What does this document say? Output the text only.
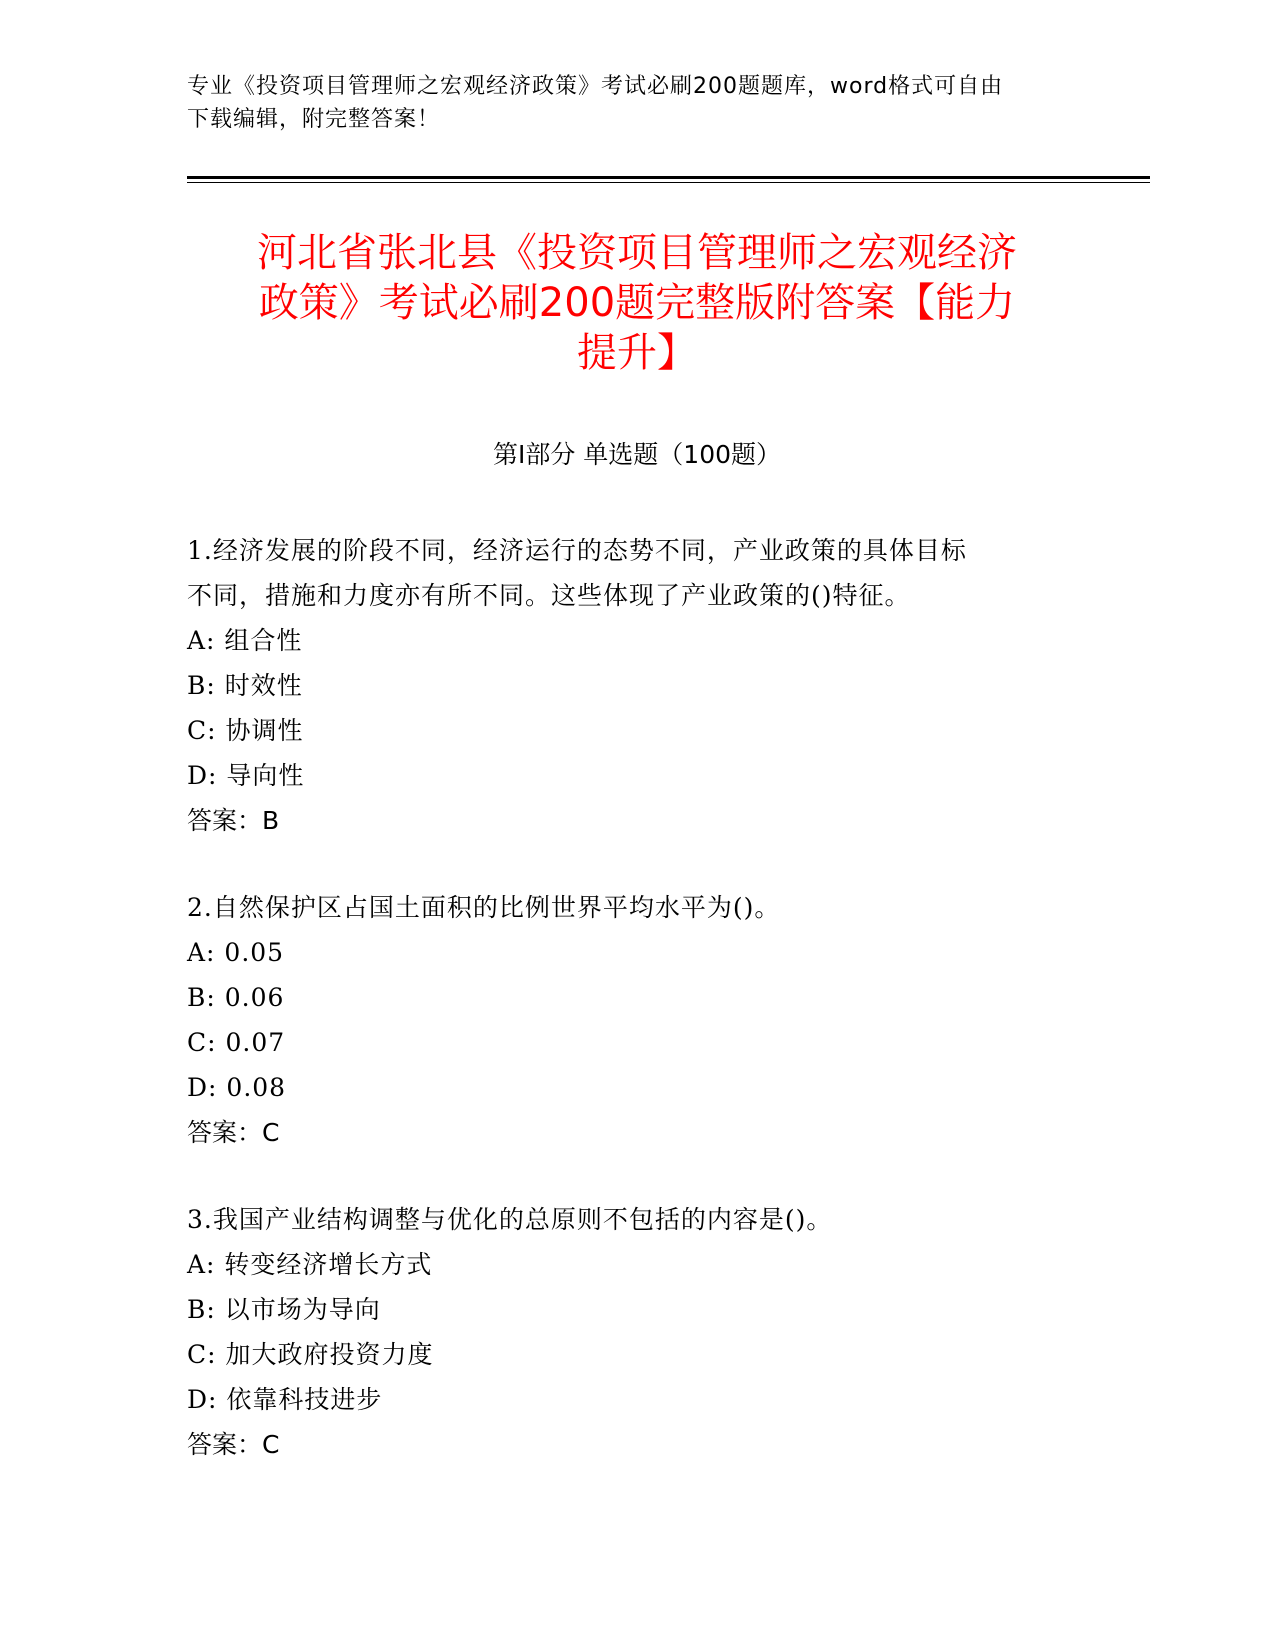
专业《投资项目管理师之宏观经济政策》考试必刷200题题库，word格式可自由
下载编辑，附完整答案！
河北省张北县《投资项目管理师之宏观经济
政策》考试必刷200题完整版附答案【能力
提升】
第Ⅰ部分 单选题（100题）
1.经济发展的阶段不同，经济运行的态势不同，产业政策的具体目标
不同，措施和力度亦有所不同。这些体现了产业政策的()特征。
A: 组合性
B: 时效性
C: 协调性
D: 导向性
答案：B
2.自然保护区占国土面积的比例世界平均水平为()。
A: 0.05
B: 0.06
C: 0.07
D: 0.08
答案：C
3.我国产业结构调整与优化的总原则不包括的内容是()。
A: 转变经济增长方式
B: 以市场为导向
C: 加大政府投资力度
D: 依靠科技进步
答案：C
